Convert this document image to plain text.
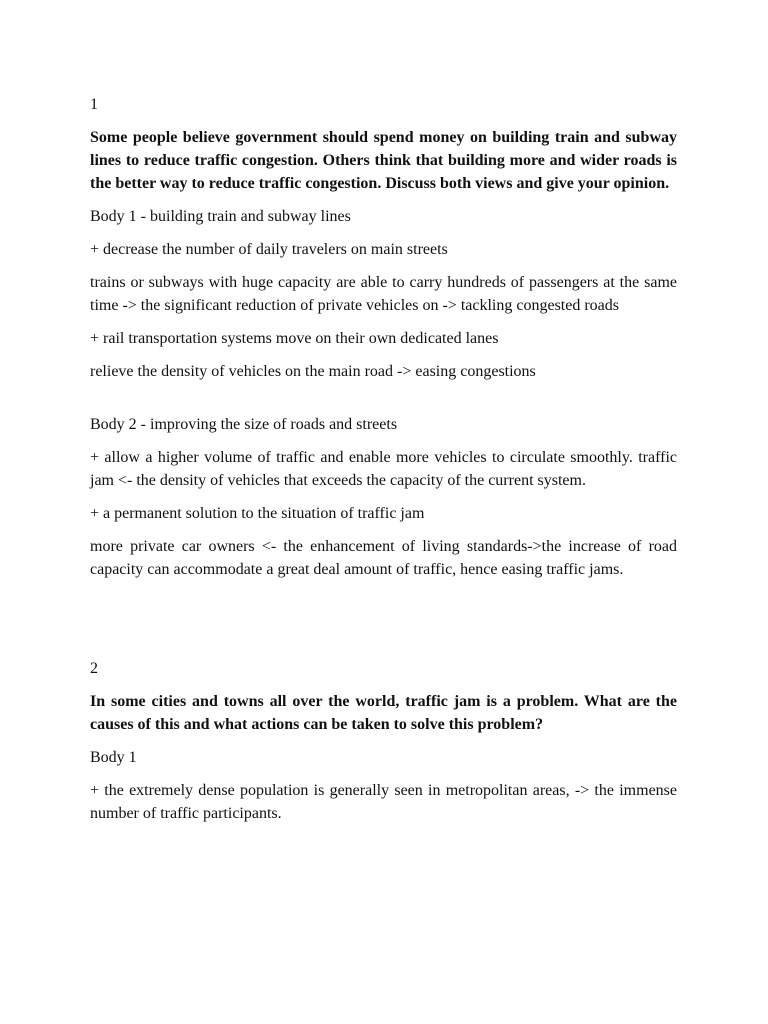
1

Some people believe government should spend money on building train and subway lines to reduce traffic congestion. Others think that building more and wider roads is the better way to reduce traffic congestion. Discuss both views and give your opinion.

Body 1 - building train and subway lines

+ decrease the number of daily travelers on main streets

trains or subways with huge capacity are able to carry hundreds of passengers at the same time -> the significant reduction of private vehicles on -> tackling congested roads

+ rail transportation systems move on their own dedicated lanes

relieve the density of vehicles on the main road -> easing congestions

Body 2 - improving the size of roads and streets

+ allow a higher volume of traffic and enable more vehicles to circulate smoothly. traffic jam <- the density of vehicles that exceeds the capacity of the current system.

+ a permanent solution to the situation of traffic jam

more private car owners <- the enhancement of living standards->the increase of road capacity can accommodate a great deal amount of traffic, hence easing traffic jams.

2

In some cities and towns all over the world, traffic jam is a problem. What are the causes of this and what actions can be taken to solve this problem?

Body 1

+ the extremely dense population is generally seen in metropolitan areas, -> the immense number of traffic participants.
